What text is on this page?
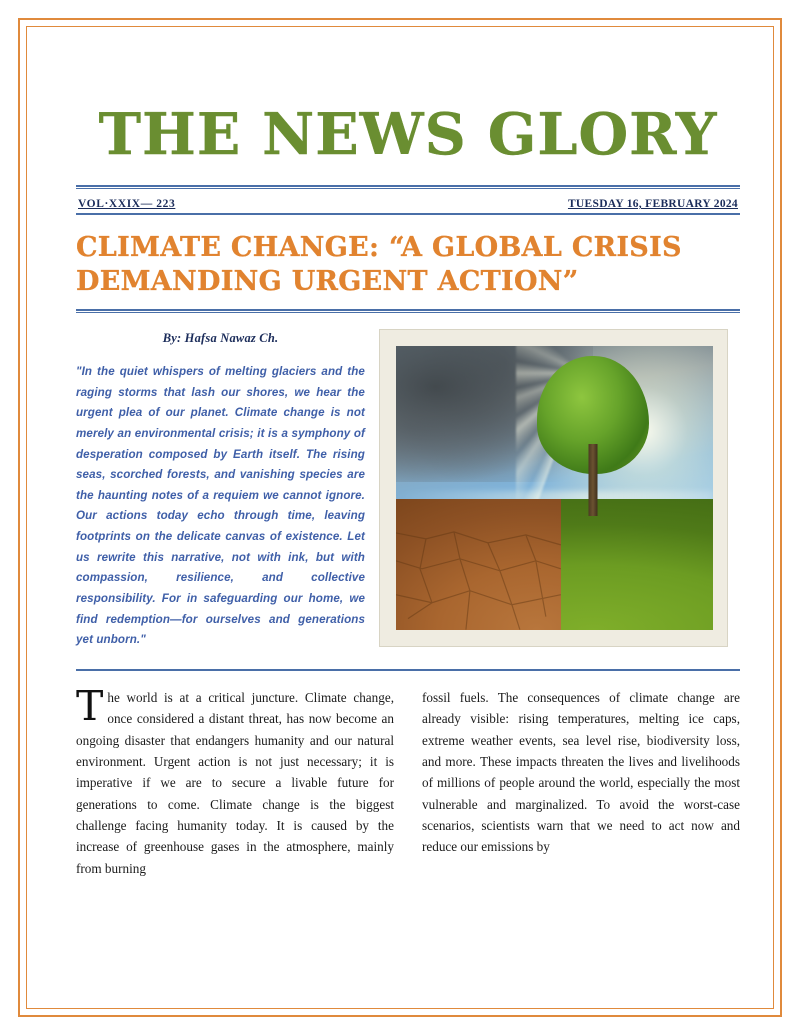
THE NEWS GLORY
VOL·XXIX— 223	TUESDAY 16, FEBRUARY 2024
CLIMATE CHANGE: “A GLOBAL CRISIS DEMANDING URGENT ACTION”
By: Hafsa Nawaz Ch.

"In the quiet whispers of melting glaciers and the raging storms that lash our shores, we hear the urgent plea of our planet. Climate change is not merely an environmental crisis; it is a symphony of desperation composed by Earth itself. The rising seas, scorched forests, and vanishing species are the haunting notes of a requiem we cannot ignore. Our actions today echo through time, leaving footprints on the delicate canvas of existence. Let us rewrite this narrative, not with ink, but with compassion, resilience, and collective responsibility. For in safeguarding our home, we find redemption—for ourselves and generations yet unborn."

The world is at a critical juncture. Climate change, once considered a distant threat, has now become an ongoing disaster that endangers humanity and our natural environment. Urgent action is not just necessary; it is imperative if we are to secure a livable future for generations to come. Climate change is the biggest challenge facing humanity today. It is caused by the increase of greenhouse gases in the atmosphere, mainly from burning

fossil fuels. The consequences of climate change are already visible: rising temperatures, melting ice caps, extreme weather events, sea level rise, biodiversity loss, and more. These impacts threaten the lives and livelihoods of millions of people around the world, especially the most vulnerable and marginalized. To avoid the worst-case scenarios, scientists warn that we need to act now and reduce our emissions by
